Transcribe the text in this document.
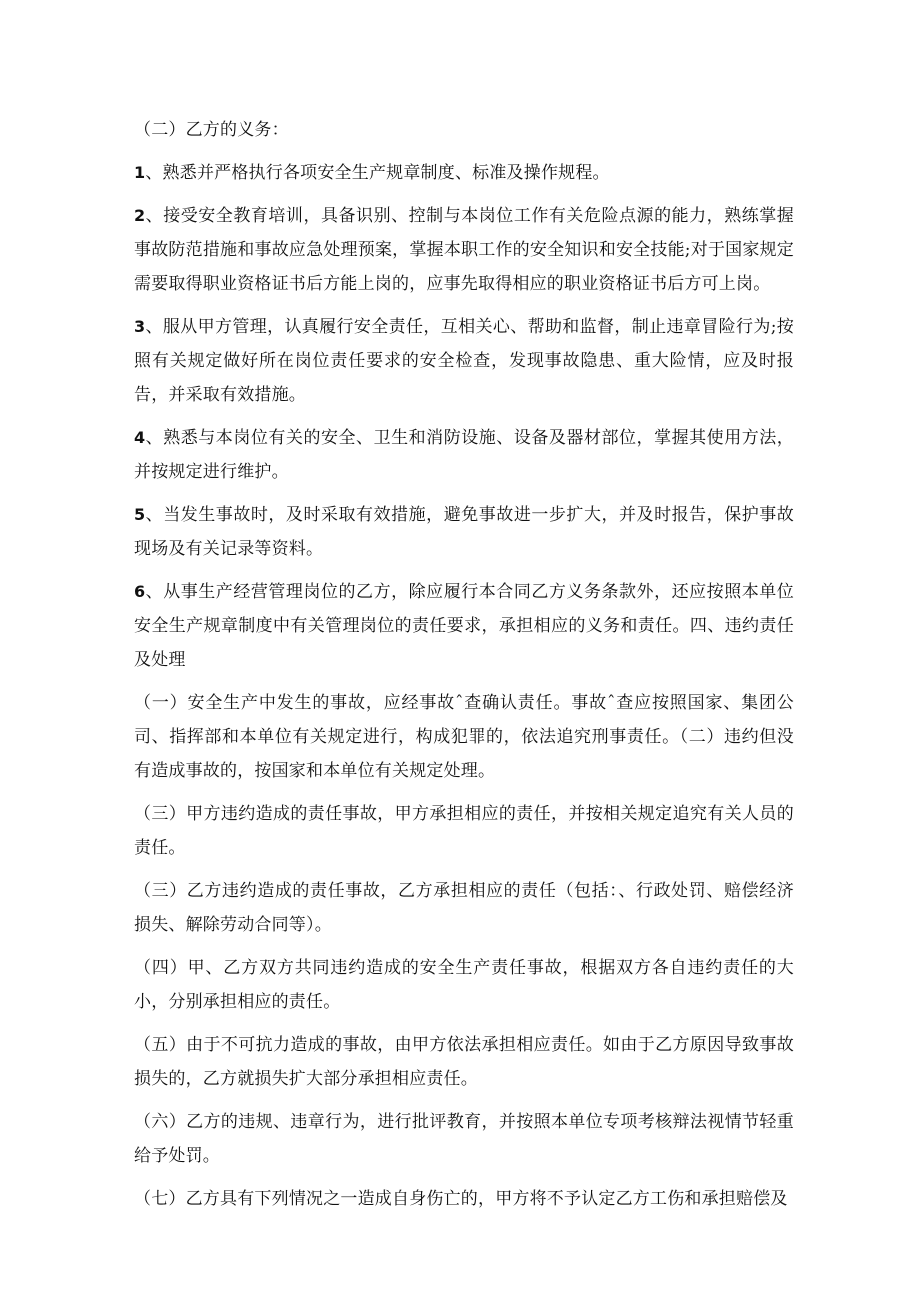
（二）乙方的义务：

1、熟悉并严格执行各项安全生产规章制度、标准及操作规程。

2、接受安全教育培训，具备识别、控制与本岗位工作有关危险点源的能力，熟练掌握事故防范措施和事故应急处理预案，掌握本职工作的安全知识和安全技能;对于国家规定需要取得职业资格证书后方能上岗的，应事先取得相应的职业资格证书后方可上岗。

3、服从甲方管理，认真履行安全责任，互相关心、帮助和监督，制止违章冒险行为;按照有关规定做好所在岗位责任要求的安全检查，发现事故隐患、重大险情，应及时报告，并采取有效措施。

4、熟悉与本岗位有关的安全、卫生和消防设施、设备及器材部位，掌握其使用方法，并按规定进行维护。

5、当发生事故时，及时采取有效措施，避免事故进一步扩大，并及时报告，保护事故现场及有关记录等资料。

6、从事生产经营管理岗位的乙方，除应履行本合同乙方义务条款外，还应按照本单位安全生产规章制度中有关管理岗位的责任要求，承担相应的义务和责任。四、违约责任及处理

（一）安全生产中发生的事故，应经事故ˆ查确认责任。事故ˆ查应按照国家、集团公司、指挥部和本单位有关规定进行，构成犯罪的，依法追究刑事责任。（二）违约但没有造成事故的，按国家和本单位有关规定处理。

（三）甲方违约造成的责任事故，甲方承担相应的责任，并按相关规定追究有关人员的责任。

（三）乙方违约造成的责任事故，乙方承担相应的责任（包括：、行政处罚、赔偿经济损失、解除劳动合同等）。

（四）甲、乙方双方共同违约造成的安全生产责任事故，根据双方各自违约责任的大小，分别承担相应的责任。

（五）由于不可抗力造成的事故，由甲方依法承担相应责任。如由于乙方原因导致事故损失的，乙方就损失扩大部分承担相应责任。

（六）乙方的违规、违章行为，进行批评教育，并按照本单位专项考核辩法视情节轻重给予处罚。

（七）乙方具有下列情况之一造成自身伤亡的，甲方将不予认定乙方工伤和承担赔偿及
